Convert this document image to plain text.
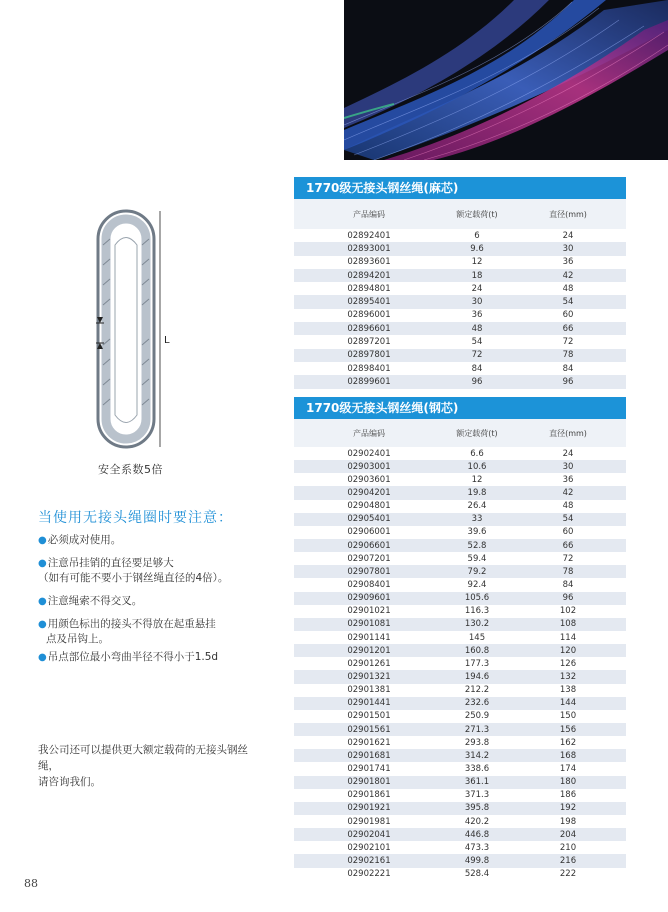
L
安全系数5倍
当使用无接头绳圈时要注意：
●必须成对使用。
●注意吊挂销的直径要足够大
（如有可能不要小于钢丝绳直径的4倍）。
●注意绳索不得交叉。
●用颜色标出的接头不得放在起重悬挂
点及吊钩上。
●吊点部位最小弯曲半径不得小于1.5d
我公司还可以提供更大额定载荷的无接头钢丝绳，
请咨询我们。
88
1770级无接头钢丝绳(麻芯)
产品编码	额定载荷(t)	直径(mm)
02892401	6	24
02893001	9.6	30
02893601	12	36
02894201	18	42
02894801	24	48
02895401	30	54
02896001	36	60
02896601	48	66
02897201	54	72
02897801	72	78
02898401	84	84
02899601	96	96
1770级无接头钢丝绳(钢芯)
产品编码	额定载荷(t)	直径(mm)
02902401	6.6	24
02903001	10.6	30
02903601	12	36
02904201	19.8	42
02904801	26.4	48
02905401	33	54
02906001	39.6	60
02906601	52.8	66
02907201	59.4	72
02907801	79.2	78
02908401	92.4	84
02909601	105.6	96
02901021	116.3	102
02901081	130.2	108
02901141	145	114
02901201	160.8	120
02901261	177.3	126
02901321	194.6	132
02901381	212.2	138
02901441	232.6	144
02901501	250.9	150
02901561	271.3	156
02901621	293.8	162
02901681	314.2	168
02901741	338.6	174
02901801	361.1	180
02901861	371.3	186
02901921	395.8	192
02901981	420.2	198
02902041	446.8	204
02902101	473.3	210
02902161	499.8	216
02902221	528.4	222
